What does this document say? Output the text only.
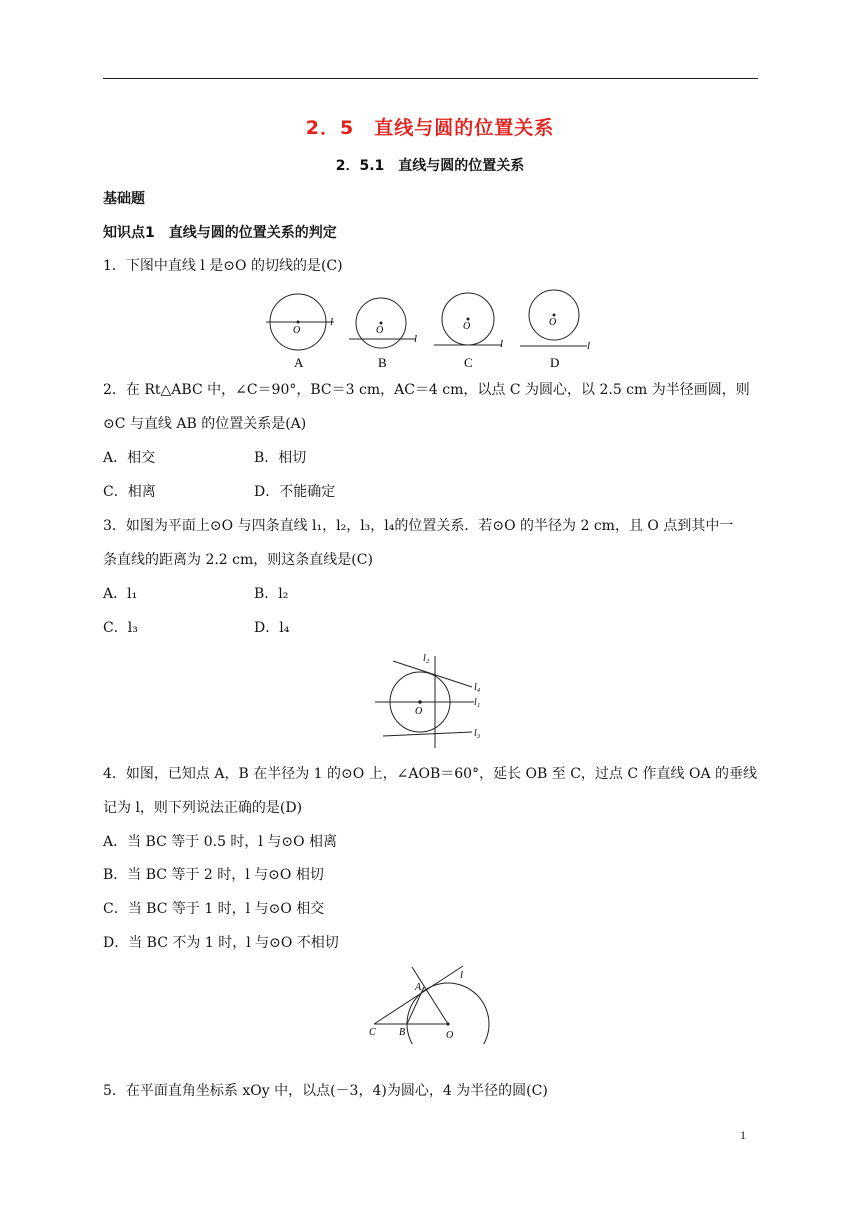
2．5　直线与圆的位置关系
2．5.1　直线与圆的位置关系
基础题
知识点1　直线与圆的位置关系的判定
1．下图中直线 l 是⊙O 的切线的是(C)
O
l
A
O
l
B
O
l
C
O
l
D
2．在 Rt△ABC 中，∠C＝90°，BC＝3 cm，AC＝4 cm，以点 C 为圆心，以 2.5 cm 为半径画圆，则
⊙C 与直线 AB 的位置关系是(A)
A．相交	B．相切
C．相离	D．不能确定
3．如图为平面上⊙O 与四条直线 l₁，l₂，l₃，l₄的位置关系．若⊙O 的半径为 2 cm，且 O 点到其中一
条直线的距离为 2.2 cm，则这条直线是(C)
A．l₁	B．l₂
C．l₃	D．l₄
O
l₁
l₂
l₃
l₄
4．如图，已知点 A，B 在半径为 1 的⊙O 上，∠AOB＝60°，延长 OB 至 C，过点 C 作直线 OA 的垂线
记为 l，则下列说法正确的是(D)
A．当 BC 等于 0.5 时，l 与⊙O 相离
B．当 BC 等于 2 时，l 与⊙O 相切
C．当 BC 等于 1 时，l 与⊙O 相交
D．当 BC 不为 1 时，l 与⊙O 不相切
A
B
C	O
l
5．在平面直角坐标系 xOy 中，以点(－3，4)为圆心，4 为半径的圆(C)
1
